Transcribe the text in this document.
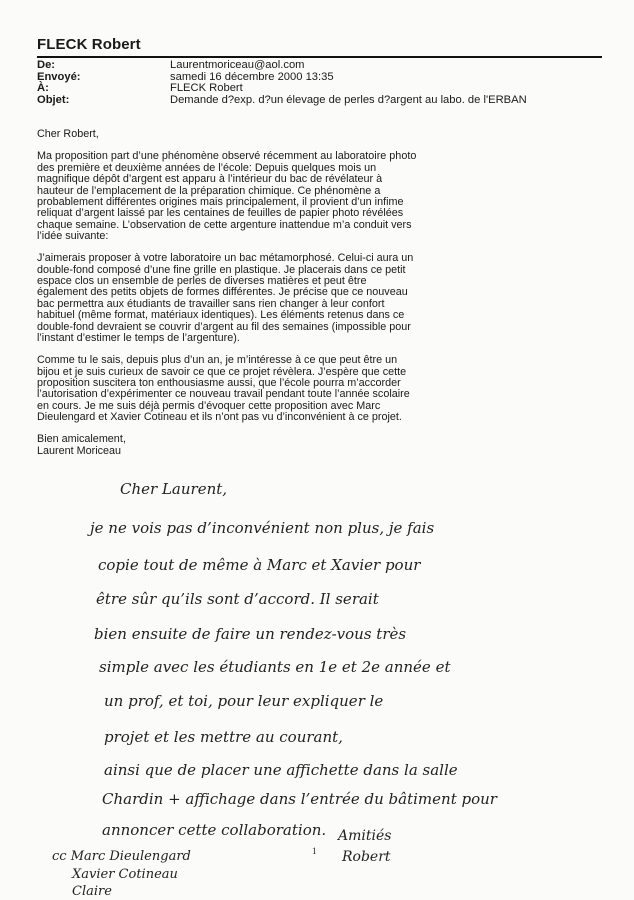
FLECK Robert
De:	Laurentmoriceau@aol.com
Envoyé:	samedi 16 décembre 2000 13:35
À:	FLECK Robert
Objet:	Demande d?exp. d?un élevage de perles d?argent au labo. de l'ERBAN

Cher Robert,

Ma proposition part d’une phénomène observé récemment au laboratoire photo des première et deuxième années de l’école: Depuis quelques mois un magnifique dépôt d’argent est apparu à l’intérieur du bac de révélateur à hauteur de l’emplacement de la préparation chimique. Ce phénomène a probablement différentes origines mais principalement, il provient d’un infime reliquat d’argent laissé par les centaines de feuilles de papier photo révélées chaque semaine. L’observation de cette argenture inattendue m’a conduit vers l’idée suivante:

J’aimerais proposer à votre laboratoire un bac métamorphosé. Celui-ci aura un double-fond composé d’une fine grille en plastique. Je placerais dans ce petit espace clos un ensemble de perles de diverses matières et peut être également des petits objets de formes différentes. Je précise que ce nouveau bac permettra aux étudiants de travailler sans rien changer à leur confort habituel (même format, matériaux identiques). Les éléments retenus dans ce double-fond devraient se couvrir d’argent au fil des semaines (impossible pour l’instant d’estimer le temps de l’argenture).

Comme tu le sais, depuis plus d’un an, je m’intéresse à ce que peut être un bijou et je suis curieux de savoir ce que ce projet révèlera. J’espère que cette proposition suscitera ton enthousiasme aussi, que l’école pourra m’accorder l’autorisation d’expérimenter ce nouveau travail pendant toute l’année scolaire en cours. Je me suis déjà permis d’évoquer cette proposition avec Marc Dieulengard et Xavier Cotineau et ils n’ont pas vu d’inconvénient à ce projet.

Bien amicalement,

Laurent Moriceau

Cher Laurent,
je ne vois pas d’inconvénient non plus, je fais
copie tout de même à Marc et Xavier pour
être sûr qu’ils sont d’accord. Il serait
bien ensuite de faire un rendez-vous très
simple avec les étudiants en 1e et 2e année et
un prof, et toi, pour leur expliquer le
projet et les mettre au courant,
ainsi que de placer une affichette dans la salle
Chardin + affichage dans l’entrée du bâtiment pour
annoncer cette collaboration.
cc Marc Dieulengard
Xavier Cotineau
Claire
1
Amitiés
Robert
